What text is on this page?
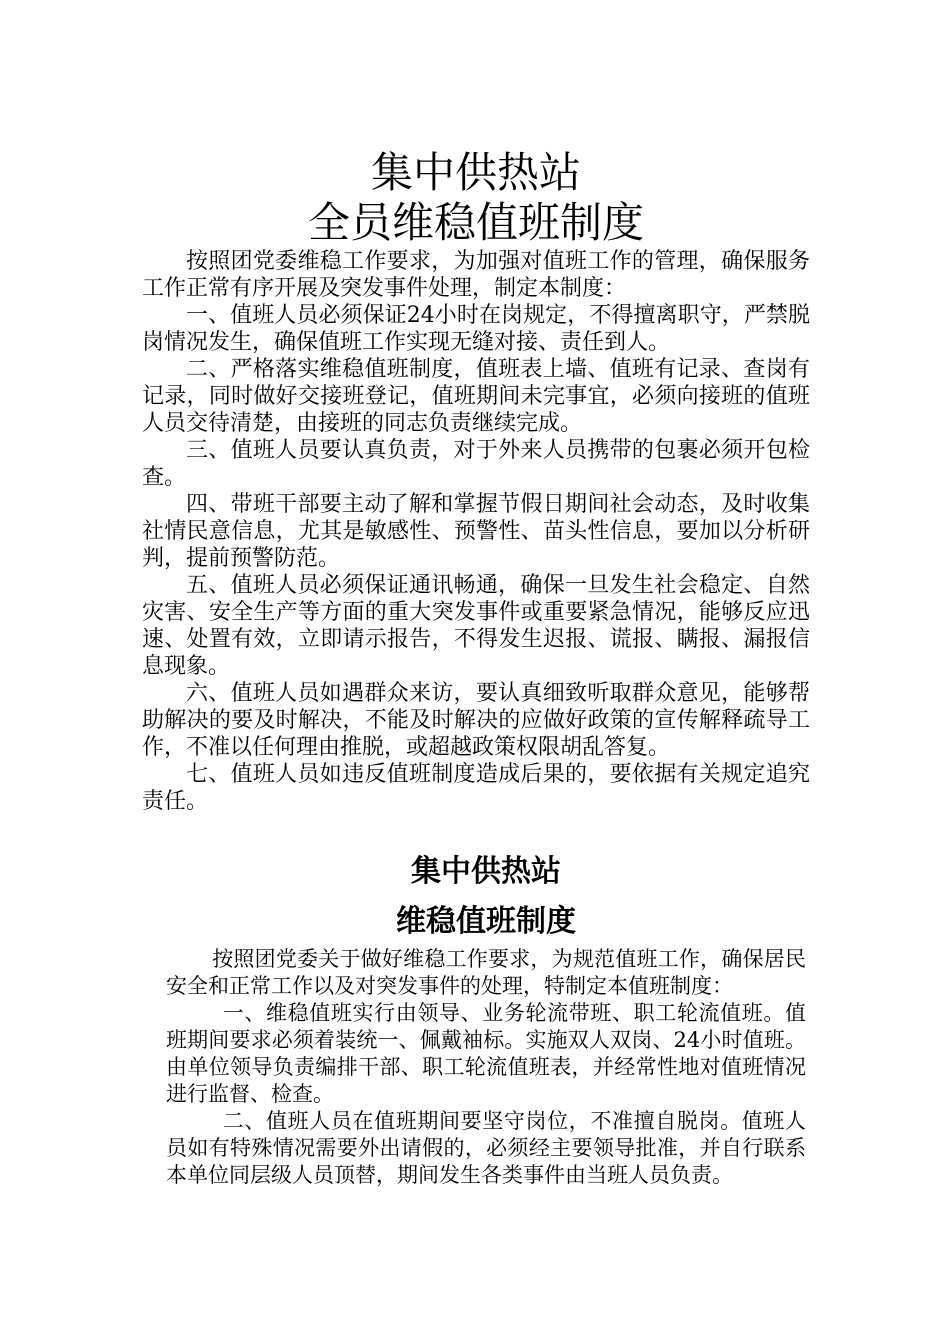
集中供热站
全员维稳值班制度

按照团党委维稳工作要求，为加强对值班工作的管理，确保服务工作正常有序开展及突发事件处理，制定本制度：

一、值班人员必须保证24小时在岗规定，不得擅离职守，严禁脱岗情况发生，确保值班工作实现无缝对接、责任到人。

二、严格落实维稳值班制度，值班表上墙、值班有记录、查岗有记录，同时做好交接班登记，值班期间未完事宜，必须向接班的值班人员交待清楚，由接班的同志负责继续完成。

三、值班人员要认真负责，对于外来人员携带的包裹必须开包检查。

四、带班干部要主动了解和掌握节假日期间社会动态，及时收集社情民意信息，尤其是敏感性、预警性、苗头性信息，要加以分析研判，提前预警防范。

五、值班人员必须保证通讯畅通，确保一旦发生社会稳定、自然灾害、安全生产等方面的重大突发事件或重要紧急情况，能够反应迅速、处置有效，立即请示报告，不得发生迟报、谎报、瞒报、漏报信息现象。

六、值班人员如遇群众来访，要认真细致听取群众意见，能够帮助解决的要及时解决，不能及时解决的应做好政策的宣传解释疏导工作，不准以任何理由推脱，或超越政策权限胡乱答复。

七、值班人员如违反值班制度造成后果的，要依据有关规定追究责任。

集中供热站
维稳值班制度

按照团党委关于做好维稳工作要求，为规范值班工作，确保居民安全和正常工作以及对突发事件的处理，特制定本值班制度：

一、维稳值班实行由领导、业务轮流带班、职工轮流值班。值班期间要求必须着装统一、佩戴袖标。实施双人双岗、24小时值班。由单位领导负责编排干部、职工轮流值班表，并经常性地对值班情况进行监督、检查。

二、值班人员在值班期间要坚守岗位，不准擅自脱岗。值班人员如有特殊情况需要外出请假的，必须经主要领导批准，并自行联系本单位同层级人员顶替，期间发生各类事件由当班人员负责。
